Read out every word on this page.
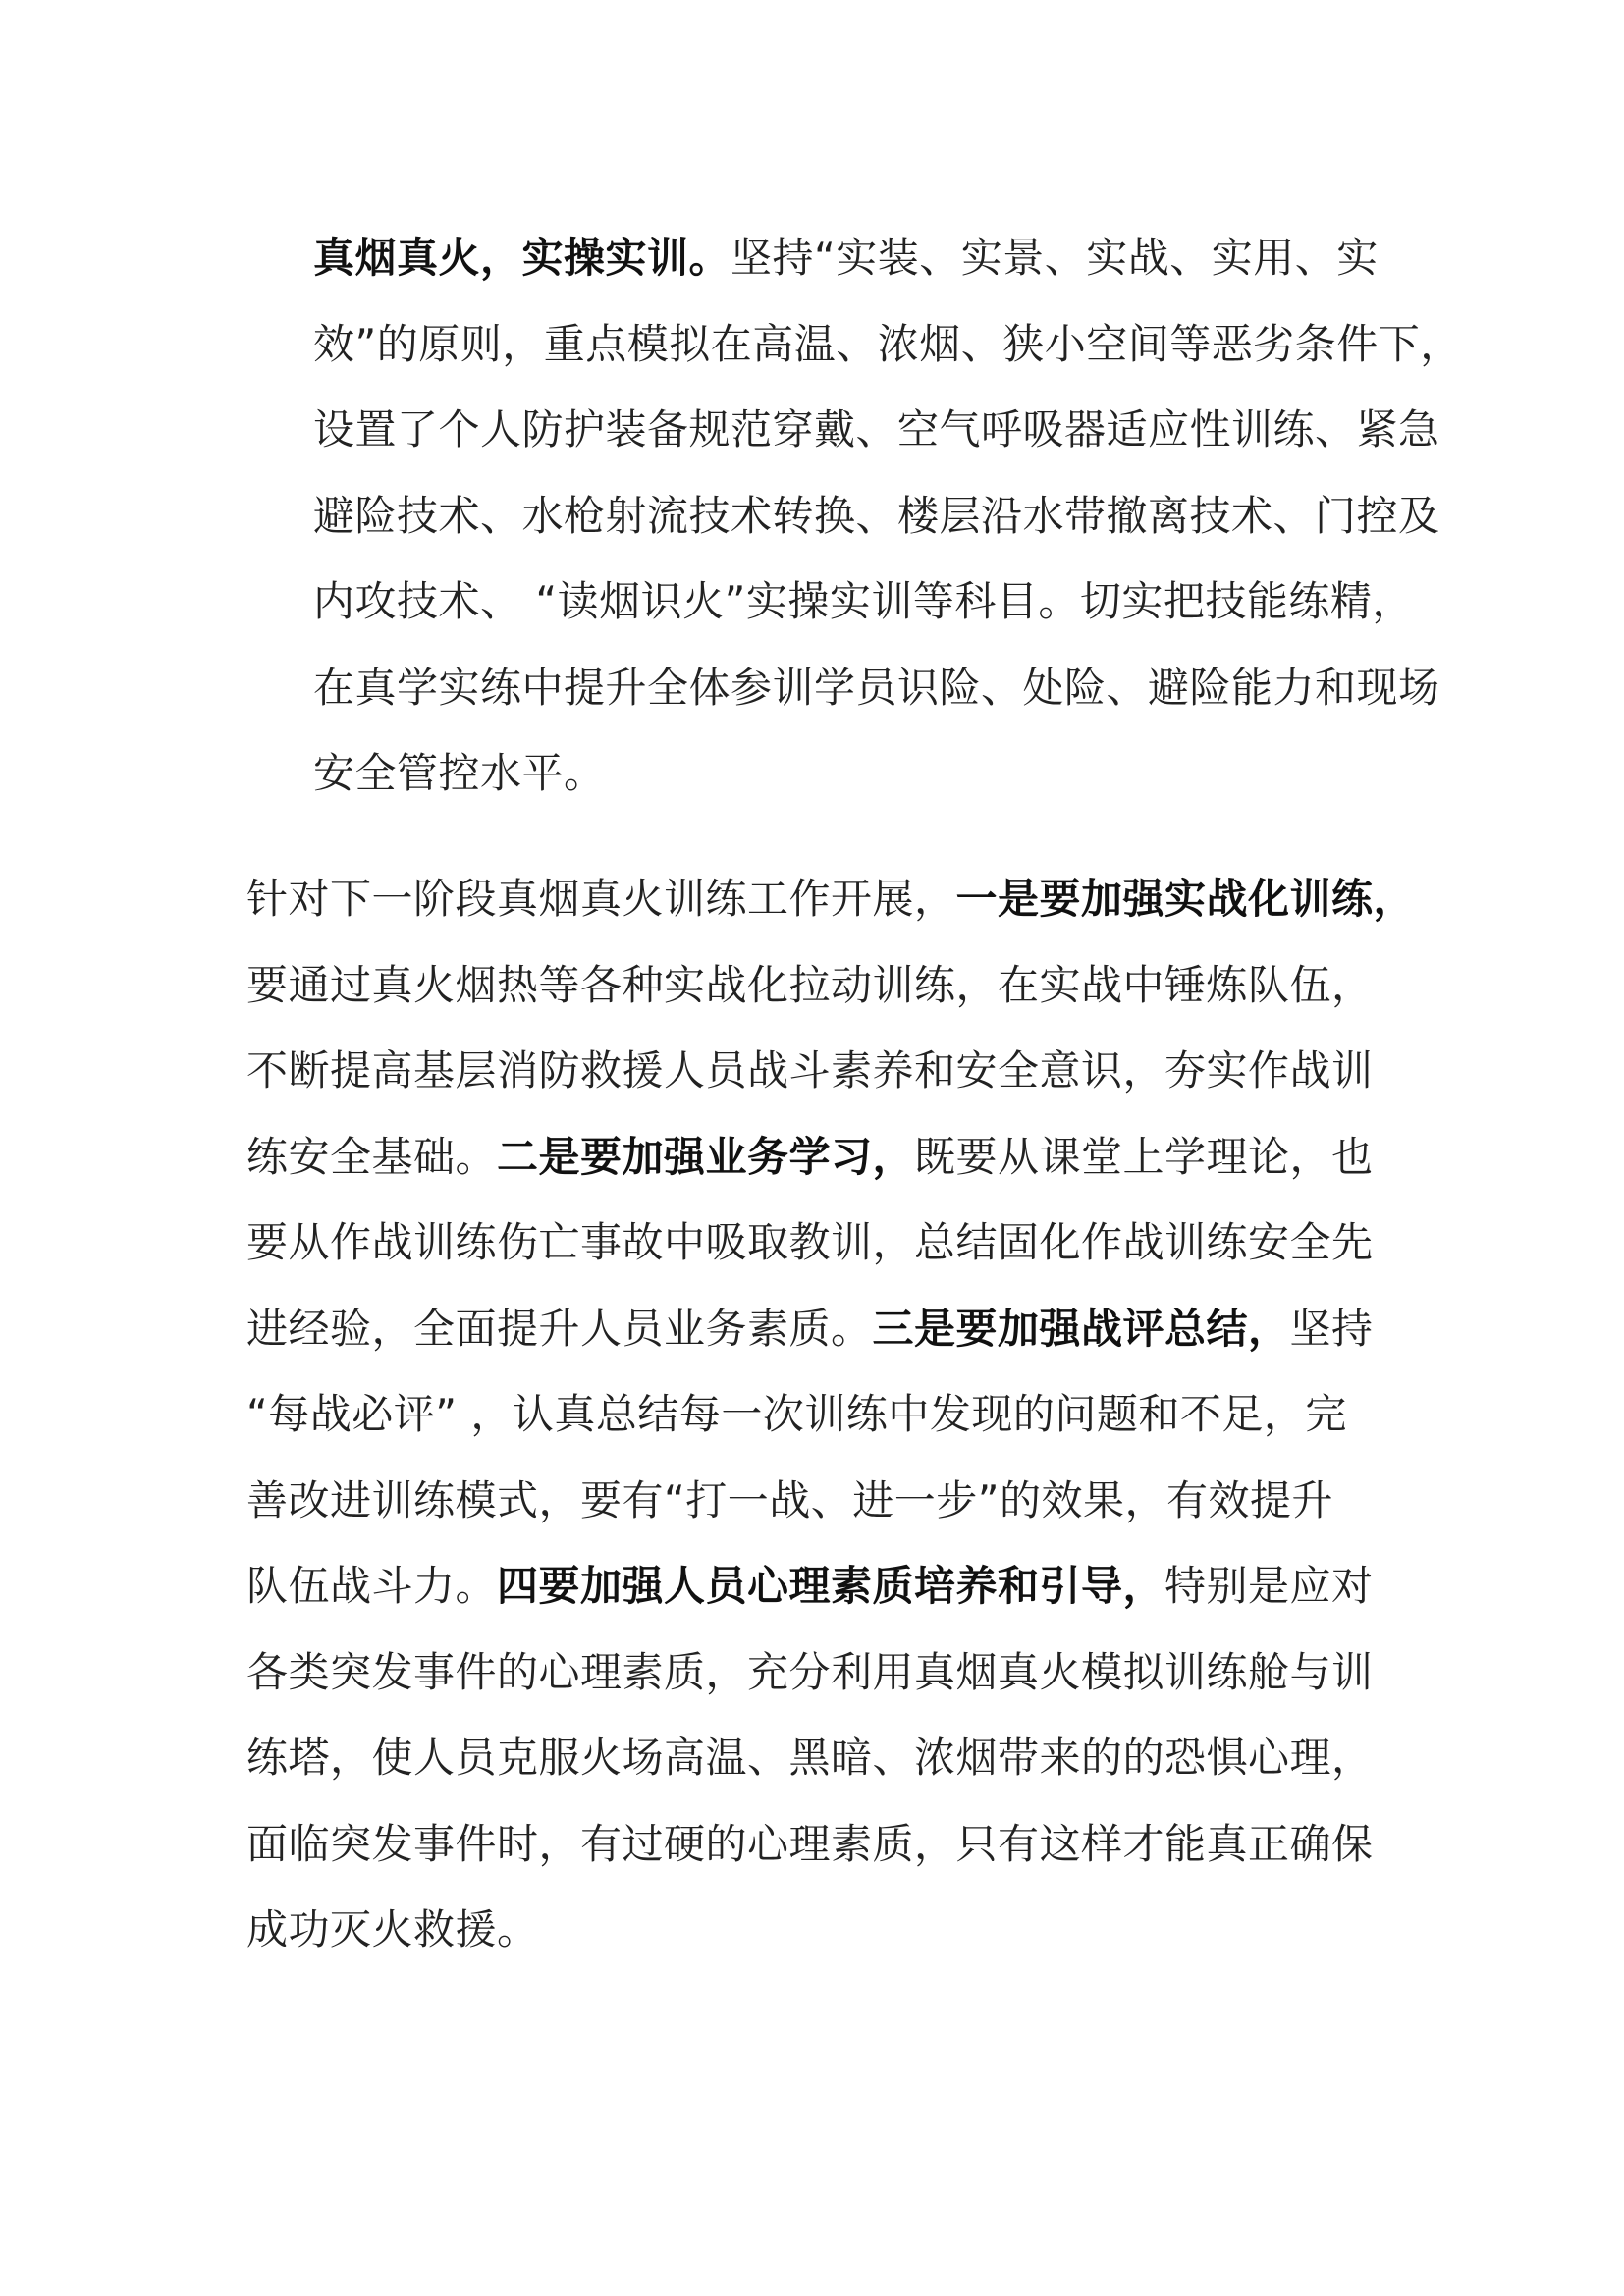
真烟真火，实操实训。坚持“实装、实景、实战、实用、实
效”的原则，重点模拟在高温、浓烟、狭小空间等恶劣条件下，
设置了个人防护装备规范穿戴、空气呼吸器适应性训练、紧急
避险技术、水枪射流技术转换、楼层沿水带撤离技术、门控及
内攻技术、 “读烟识火”实操实训等科目。切实把技能练精，
在真学实练中提升全体参训学员识险、处险、避险能力和现场
安全管控水平。

针对下一阶段真烟真火训练工作开展，一是要加强实战化训练，
要通过真火烟热等各种实战化拉动训练，在实战中锤炼队伍，
不断提高基层消防救援人员战斗素养和安全意识，夯实作战训
练安全基础。二是要加强业务学习，既要从课堂上学理论，也
要从作战训练伤亡事故中吸取教训，总结固化作战训练安全先
进经验，全面提升人员业务素质。三是要加强战评总结，坚持
“每战必评” ，认真总结每一次训练中发现的问题和不足，完
善改进训练模式，要有“打一战、进一步”的效果，有效提升
队伍战斗力。四要加强人员心理素质培养和引导，特别是应对
各类突发事件的心理素质，充分利用真烟真火模拟训练舱与训
练塔，使人员克服火场高温、黑暗、浓烟带来的的恐惧心理，
面临突发事件时，有过硬的心理素质，只有这样才能真正确保
成功灭火救援。
